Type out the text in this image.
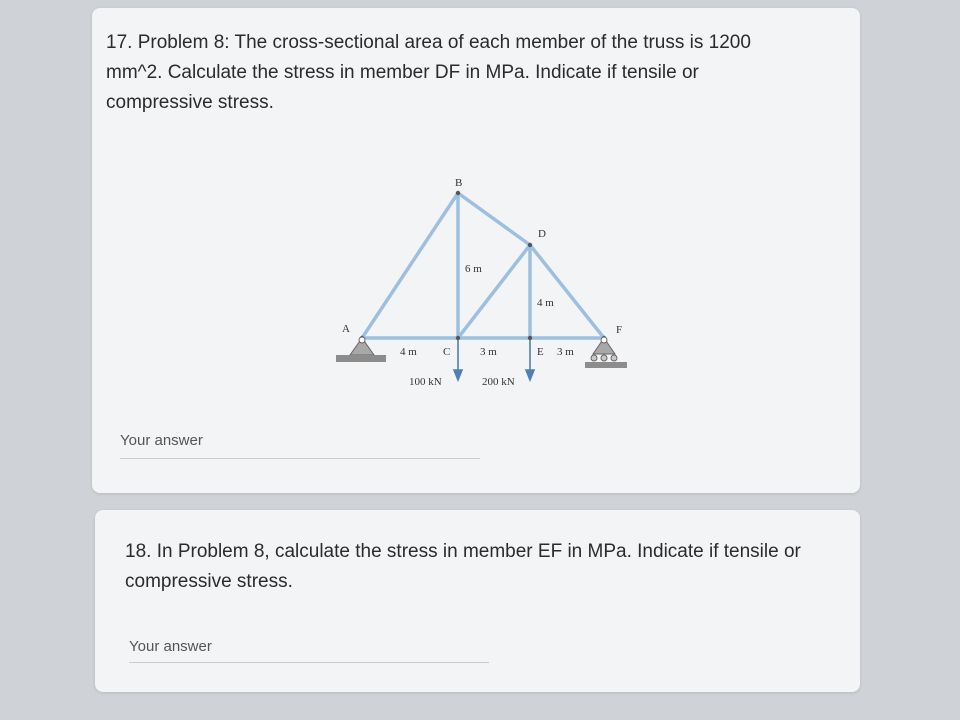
17. Problem 8: The cross-sectional area of each member of the truss is 1200 mm^2. Calculate the stress in member DF in MPa. Indicate if tensile or compressive stress.
Your answer
A
B
C
D
E
F
6 m
4 m
4 m	3 m	3 m
100 kN	200 kN
18. In Problem 8, calculate the stress in member EF in MPa. Indicate if tensile or compressive stress.
Your answer
